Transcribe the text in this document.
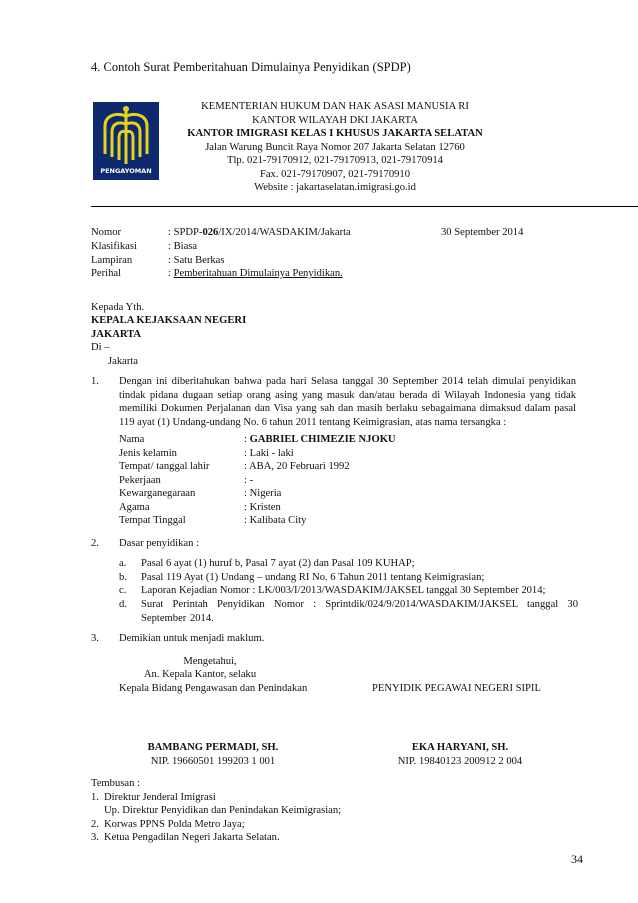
4. Contoh Surat Pemberitahuan Dimulainya Penyidikan (SPDP)
PENGAYOMAN
KEMENTERIAN HUKUM DAN HAK ASASI MANUSIA RI
KANTOR WILAYAH DKI JAKARTA
KANTOR IMIGRASI KELAS I KHUSUS JAKARTA SELATAN
Jalan Warung Buncit Raya Nomor 207 Jakarta Selatan 12760
Tlp. 021-79170912, 021-79170913, 021-79170914
Fax. 021-79170907, 021-79170910
Website : jakartaselatan.imigrasi.go.id
Nomor	: SPDP-026/IX/2014/WASDAKIM/Jakarta	30 September 2014
Klasifikasi	: Biasa
Lampiran	: Satu Berkas
Perihal	: Pemberitahuan Dimulainya Penyidikan.
Kepada Yth.
KEPALA KEJAKSAAN NEGERI
JAKARTA
Di –
Jakarta
1. Dengan ini diberitahukan bahwa pada hari Selasa tanggal 30 September 2014 telah dimulai penyidikan tindak pidana dugaan setiap orang asing yang masuk dan/atau berada di Wilayah Indonesia yang tidak memiliki Dokumen Perjalanan dan Visa yang sah dan masih berlaku sebagaimana dimaksud dalam pasal 119 ayat (1) Undang-undang No. 6 tahun 2011 tentang Keimigrasian, atas nama tersangka :
Nama	: GABRIEL CHIMEZIE NJOKU
Jenis kelamin	: Laki - laki
Tempat/ tanggal lahir	: ABA, 20 Februari 1992
Pekerjaan	: -
Kewarganegaraan	: Nigeria
Agama	: Kristen
Tempat Tinggal	: Kalibata City
2. Dasar penyidikan :
a. Pasal 6 ayat (1) huruf b, Pasal 7 ayat (2) dan Pasal 109 KUHAP;
b. Pasal 119 Ayat (1) Undang – undang RI No. 6 Tahun 2011 tentang Keimigrasian;
c. Laporan Kejadian Nomor : LK/003/I/2013/WASDAKIM/JAKSEL tanggal 30 September 2014;
d. Surat Perintah Penyidikan Nomor : Sprintdik/024/9/2014/WASDAKIM/JAKSEL tanggal 30 September 2014.
3. Demikian untuk menjadi maklum.
Mengetahui,
An. Kepala Kantor, selaku
Kepala Bidang Pengawasan dan Penindakan	PENYIDIK PEGAWAI NEGERI SIPIL
BAMBANG PERMADI, SH.
NIP. 19660501 199203 1 001
EKA HARYANI, SH.
NIP. 19840123 200912 2 004
Tembusan :
1. Direktur Jenderal Imigrasi
Up. Direktur Penyidikan dan Penindakan Keimigrasian;
2. Korwas PPNS Polda Metro Jaya;
3. Ketua Pengadilan Negeri Jakarta Selatan.
34
